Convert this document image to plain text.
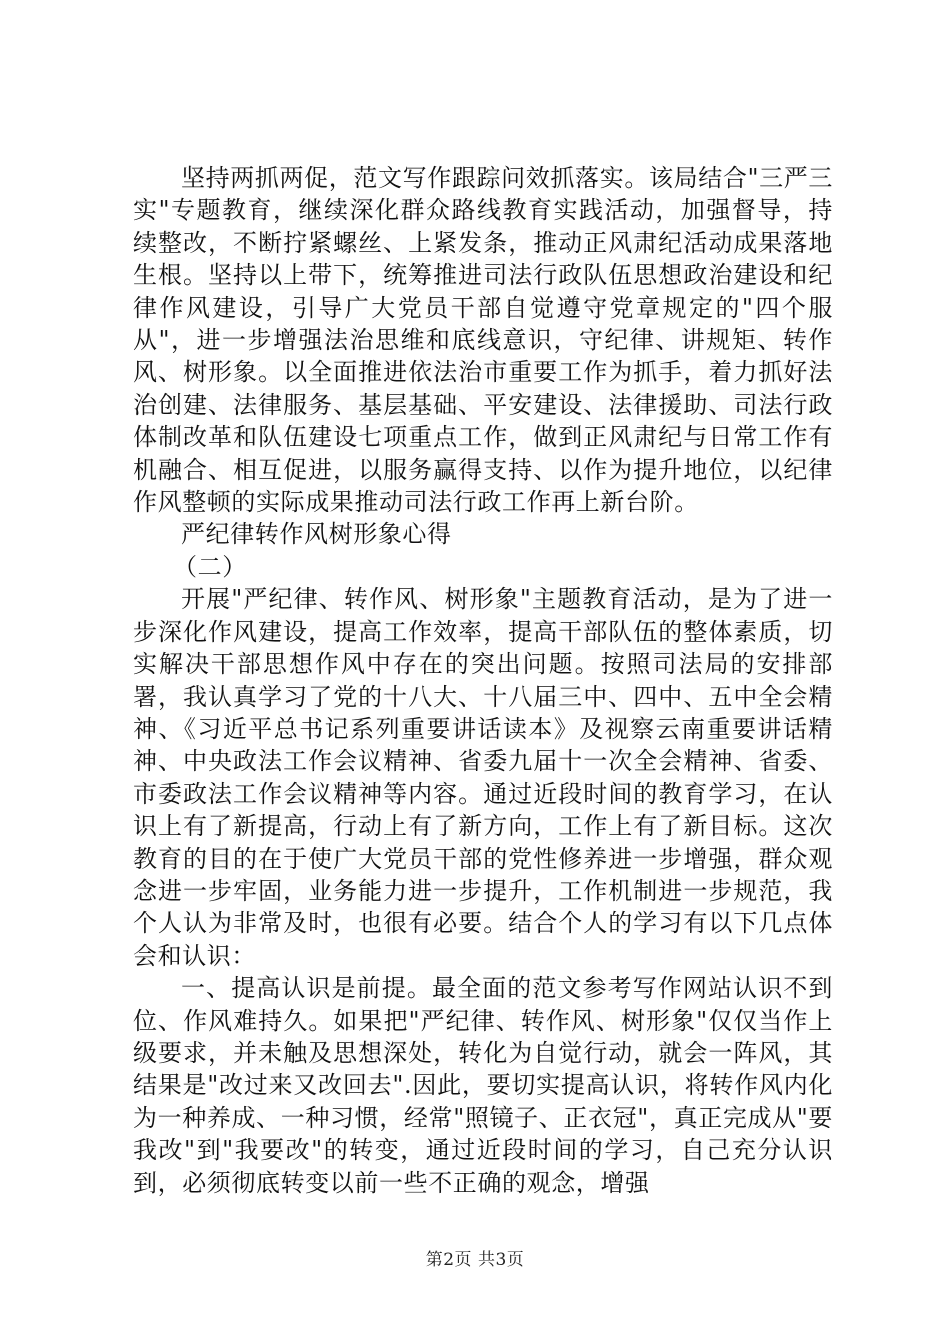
坚持两抓两促，范文写作跟踪问效抓落实。该局结合"三严三实"专题教育，继续深化群众路线教育实践活动，加强督导，持续整改，不断拧紧螺丝、上紧发条，推动正风肃纪活动成果落地生根。坚持以上带下，统筹推进司法行政队伍思想政治建设和纪律作风建设，引导广大党员干部自觉遵守党章规定的"四个服从"，进一步增强法治思维和底线意识，守纪律、讲规矩、转作风、树形象。以全面推进依法治市重要工作为抓手，着力抓好法治创建、法律服务、基层基础、平安建设、法律援助、司法行政体制改革和队伍建设七项重点工作，做到正风肃纪与日常工作有机融合、相互促进，以服务赢得支持、以作为提升地位，以纪律作风整顿的实际成果推动司法行政工作再上新台阶。

严纪律转作风树形象心得

（二）

开展"严纪律、转作风、树形象"主题教育活动，是为了进一步深化作风建设，提高工作效率，提高干部队伍的整体素质，切实解决干部思想作风中存在的突出问题。按照司法局的安排部署，我认真学习了党的十八大、十八届三中、四中、五中全会精神、《习近平总书记系列重要讲话读本》及视察云南重要讲话精神、中央政法工作会议精神、省委九届十一次全会精神、省委、市委政法工作会议精神等内容。通过近段时间的教育学习，在认识上有了新提高，行动上有了新方向，工作上有了新目标。这次教育的目的在于使广大党员干部的党性修养进一步增强，群众观念进一步牢固，业务能力进一步提升，工作机制进一步规范，我个人认为非常及时，也很有必要。结合个人的学习有以下几点体会和认识：

一、提高认识是前提。最全面的范文参考写作网站认识不到位、作风难持久。如果把"严纪律、转作风、树形象"仅仅当作上级要求，并未触及思想深处，转化为自觉行动，就会一阵风，其结果是"改过来又改回去".因此，要切实提高认识，将转作风内化为一种养成、一种习惯，经常"照镜子、正衣冠"，真正完成从"要我改"到"我要改"的转变，通过近段时间的学习，自己充分认识到，必须彻底转变以前一些不正确的观念，增强

第2页 共3页
